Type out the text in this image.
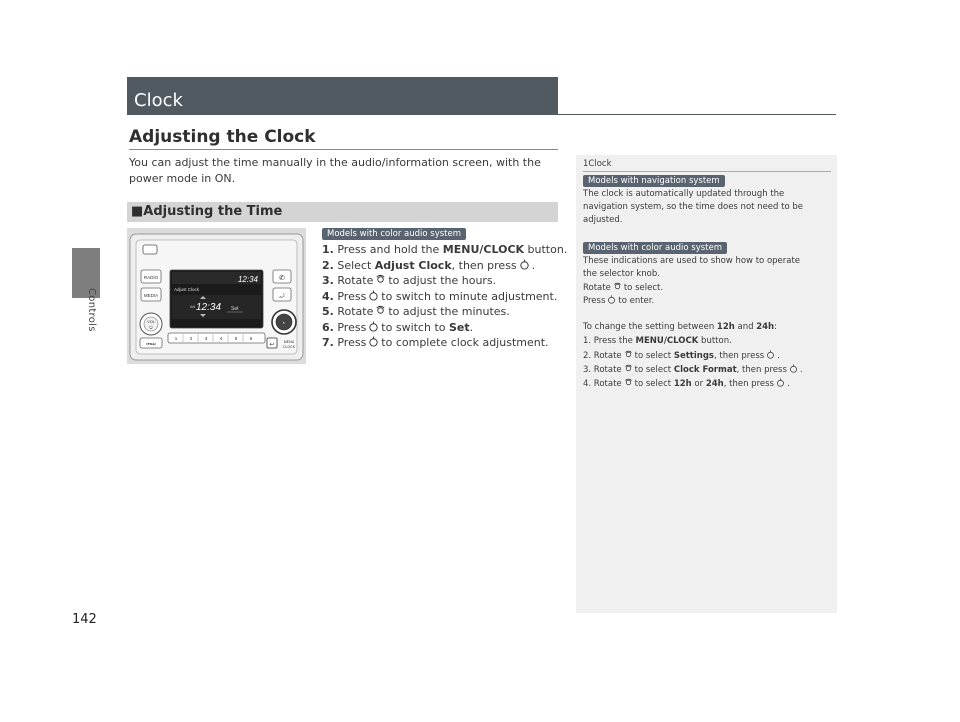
Controls
142
Clock
Adjusting the Clock
You can adjust the time manually in the audio/information screen, with the power mode in ON.
■Adjusting the Time
Models with color audio system
RADIO
MEDIA
VOL
⏻
⏮⏭
12:34
Adjust Clock
AM 12:34 Set
✆
⤾
↻
1	2	3	4	5	6
↩	MENU
CLOCK
1. Press and hold the MENU/CLOCK button.
2. Select Adjust Clock, then press .
3. Rotate to adjust the hours.
4. Press to switch to minute adjustment.
5. Rotate to adjust the minutes.
6. Press to switch to Set.
7. Press to complete clock adjustment.
1Clock
Models with navigation system
The clock is automatically updated through the
navigation system, so the time does not need to be
adjusted.
Models with color audio system
These indications are used to show how to operate
the selector knob.
Rotate to select.
Press to enter.
To change the setting between 12h and 24h:
1. Press the MENU/CLOCK button.
2. Rotate to select Settings, then press .
3. Rotate to select Clock Format, then press .
4. Rotate to select 12h or 24h, then press .
